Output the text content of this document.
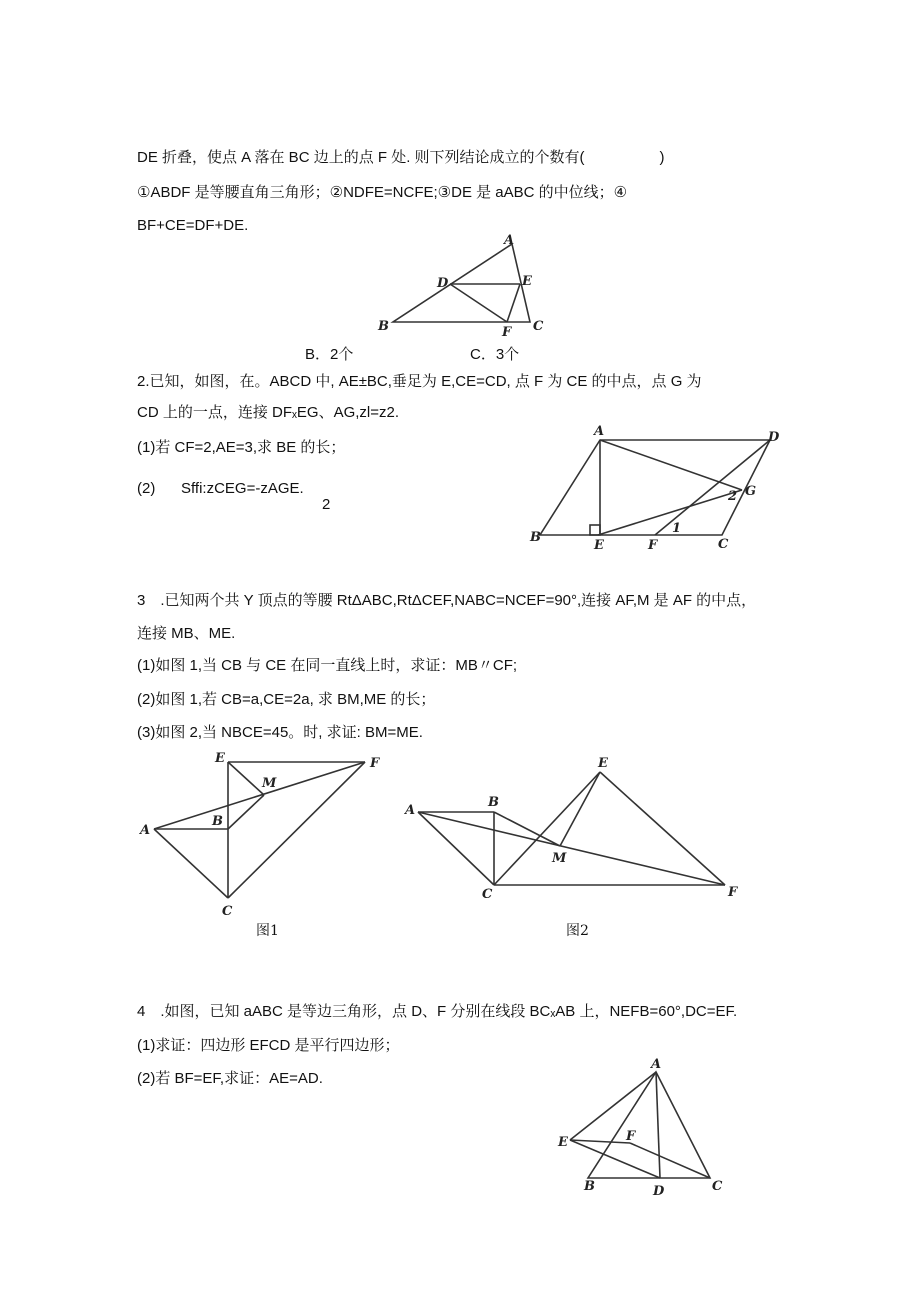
DE 折叠，使点 A 落在 BC 边上的点 F 处. 则下列结论成立的个数有(　　　　　)
①ABDF 是等腰直角三角形；②NDFE=NCFE;③DE 是 aABC 的中位线；④
BF+CE=DF+DE.
A
B	C
D	E
F
A
B	C
D
E	F
G
1
2
A
B
C
E	F
M
A
B
C
E
F
M
A
B	C
D
E	F
B．2个	C．3个
2.已知，如图，在。ABCD 中, AE±BC,垂足为 E,CE=CD, 点 F 为 CE 的中点，点 G 为
CD 上的一点，连接 DFₓEG、AG,zl=z2.
(1)若 CF=2,AE=3,求 BE 的长；
(2) Sffi:zCEG=-zAGE.
2
3　.已知两个共 Y 顶点的等腰 RtΔABC,RtΔCEF,NABC=NCEF=90°,连接 AF,M 是 AF 的中点，
连接 MB、ME.
(1)如图 1,当 CB 与 CE 在同一直线上时，求证：MB〃CF;
(2)如图 1,若 CB=a,CE=2a, 求 BM,ME 的长；
(3)如图 2,当 NBCE=45。时, 求证: BM=ME.
图1	图2
4　.如图，已知 aABC 是等边三角形，点 D、F 分别在线段 BCₓAB 上，NEFB=60°,DC=EF.
(1)求证：四边形 EFCD 是平行四边形；
(2)若 BF=EF,求证：AE=AD.
